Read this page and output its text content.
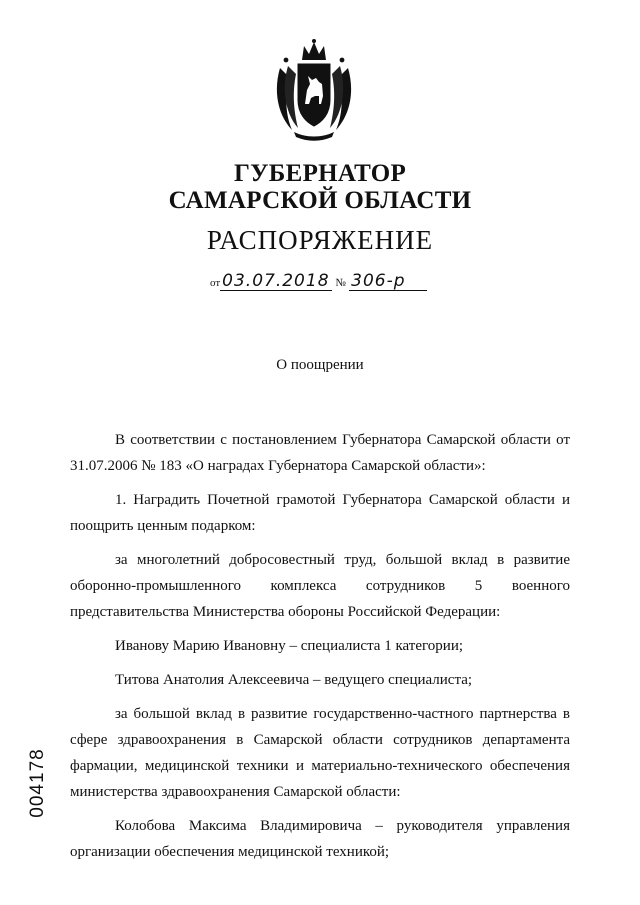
ГУБЕРНАТОР
САМАРСКОЙ ОБЛАСТИ
РАСПОРЯЖЕНИЕ
от 03.07.2018 № 306-р
О поощрении

В соответствии с постановлением Губернатора Самарской области от 31.07.2006 № 183 «О наградах Губернатора Самарской области»:

1. Наградить Почетной грамотой Губернатора Самарской области и поощрить ценным подарком:

за многолетний добросовестный труд, большой вклад в развитие оборонно-промышленного комплекса сотрудников 5 военного представительства Министерства обороны Российской Федерации:

Иванову Марию Ивановну – специалиста 1 категории;

Титова Анатолия Алексеевича – ведущего специалиста;

за большой вклад в развитие государственно-частного партнерства в сфере здравоохранения в Самарской области сотрудников департамента фармации, медицинской техники и материально-технического обеспечения министерства здравоохранения Самарской области:

Колобова Максима Владимировича – руководителя управления организации обеспечения медицинской техникой;

004178
